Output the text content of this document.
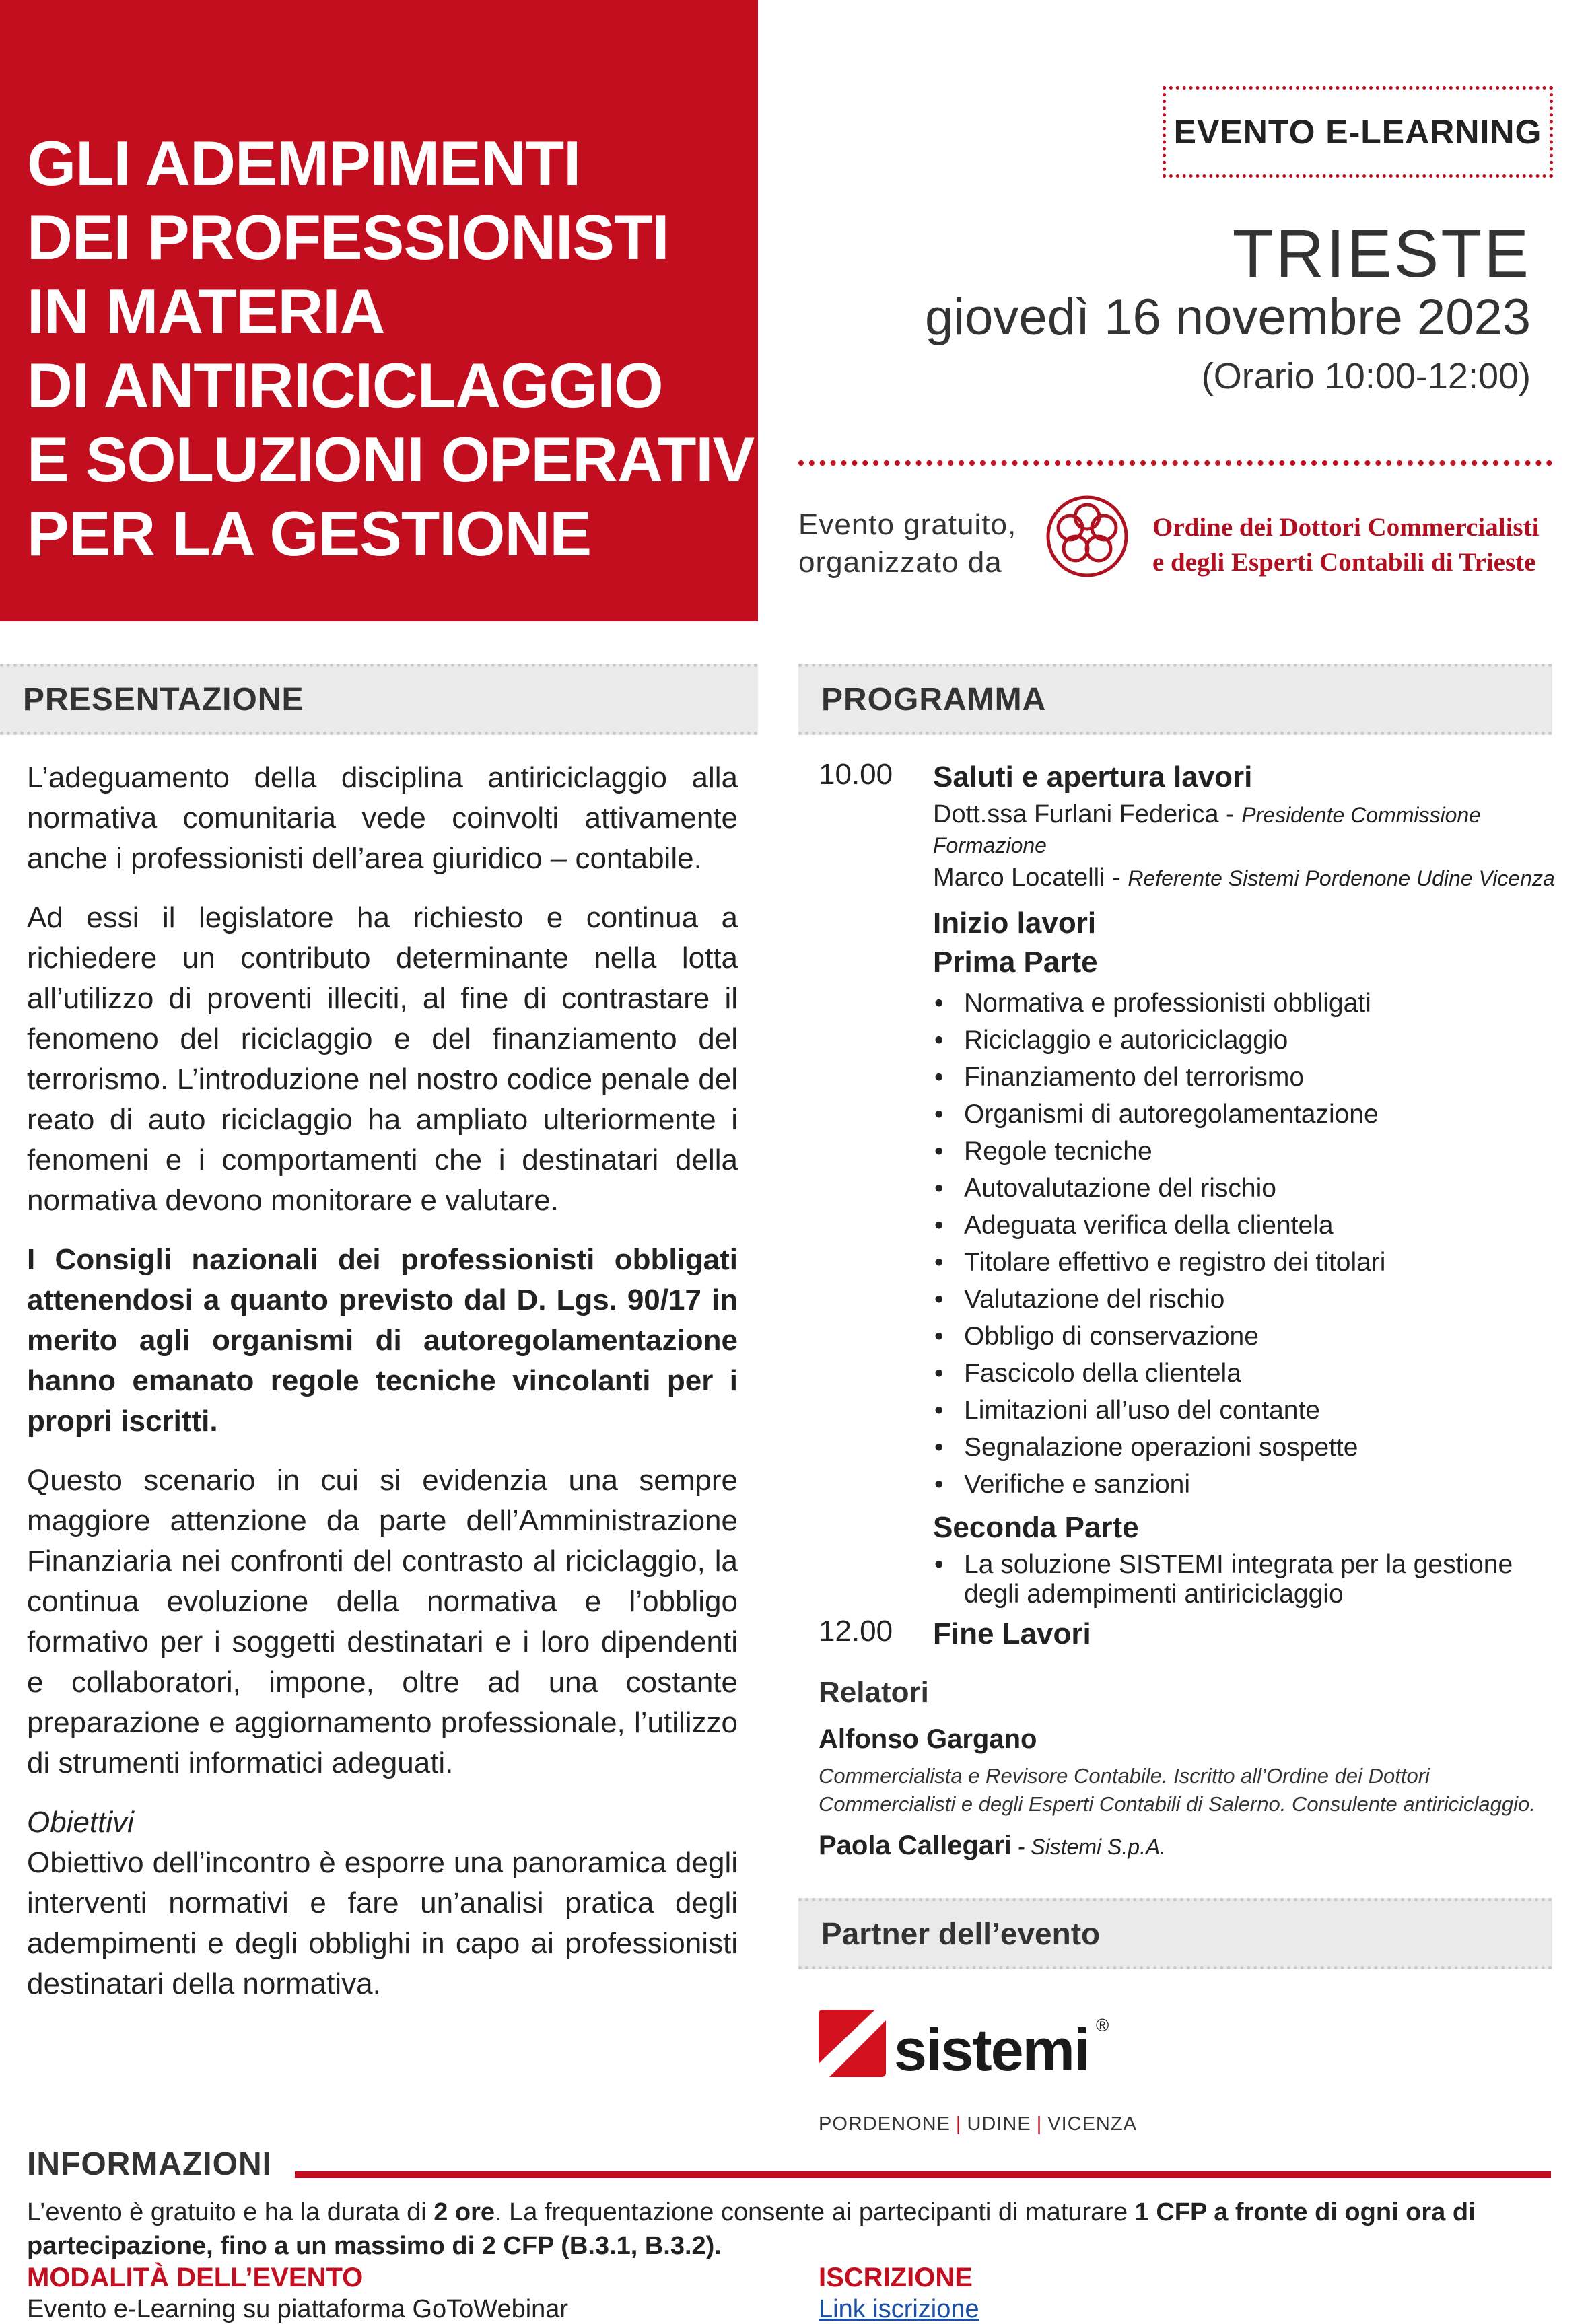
GLI ADEMPIMENTI
DEI PROFESSIONISTI
IN MATERIA
DI ANTIRICICLAGGIO
E SOLUZIONI OPERATIVE
PER LA GESTIONE
EVENTO E-LEARNING
TRIESTE
giovedì 16 novembre 2023
(Orario 10:00-12:00)
Evento gratuito,
organizzato da
Ordine dei Dottori Commercialisti
e degli Esperti Contabili di Trieste
PRESENTAZIONE	PROGRAMMA

L’adeguamento della disciplina antiriciclaggio alla normativa comunitaria vede coinvolti attivamente anche i professionisti dell’area giuridico – contabile.

Ad essi il legislatore ha richiesto e continua a richiedere un contributo determinante nella lotta all’utilizzo di proventi illeciti, al fine di contrastare il fenomeno del riciclaggio e del finanziamento del terrorismo. L’introduzione nel nostro codice penale del reato di auto riciclaggio ha ampliato ulteriormente i fenomeni e i comportamenti che i destinatari della normativa devono monitorare e valutare.

I Consigli nazionali dei professionisti obbligati attenendosi a quanto previsto dal D. Lgs. 90/17 in merito agli organismi di autoregolamentazione hanno emanato regole tecniche vincolanti per i propri iscritti.

Questo scenario in cui si evidenzia una sempre maggiore attenzione da parte dell’Amministrazione Finanziaria nei confronti del contrasto al riciclaggio, la continua evoluzione della normativa e l’obbligo formativo per i soggetti destinatari e i loro dipendenti e collaboratori, impone, oltre ad una costante preparazione e aggiornamento professionale, l’utilizzo di strumenti informatici adeguati.

Obiettivi

Obiettivo dell’incontro è esporre una panoramica degli interventi normativi e fare un’analisi pratica degli adempimenti e degli obblighi in capo ai professionisti destinatari della normativa.

10.00 Saluti e apertura lavori
Dott.ssa Furlani Federica - Presidente Commissione Formazione
Marco Locatelli - Referente Sistemi Pordenone Udine Vicenza
Inizio lavori
Prima Parte
• Normativa e professionisti obbligati
• Riciclaggio e autoriciclaggio
• Finanziamento del terrorismo
• Organismi di autoregolamentazione
• Regole tecniche
• Autovalutazione del rischio
• Adeguata verifica della clientela
• Titolare effettivo e registro dei titolari
• Valutazione del rischio
• Obbligo di conservazione
• Fascicolo della clientela
• Limitazioni all’uso del contante
• Segnalazione operazioni sospette
• Verifiche e sanzioni
Seconda Parte
• La soluzione SISTEMI integrata per la gestione degli adempimenti antiriciclaggio
12.00 Fine Lavori
Relatori
Alfonso Gargano
Commercialista e Revisore Contabile. Iscritto all’Ordine dei Dottori Commercialisti e degli Esperti Contabili di Salerno. Consulente antiriciclaggio.
Paola Callegari - Sistemi S.p.A.
Partner dell’evento
sistemi ®
PORDENONE | UDINE | VICENZA
INFORMAZIONI
L’evento è gratuito e ha la durata di 2 ore. La frequentazione consente ai partecipanti di maturare 1 CFP a fronte di ogni ora di partecipazione, fino a un massimo di 2 CFP (B.3.1, B.3.2).
MODALITÀ DELL’EVENTO
Evento e-Learning su piattaforma GoToWebinar
ISCRIZIONE
Link iscrizione
